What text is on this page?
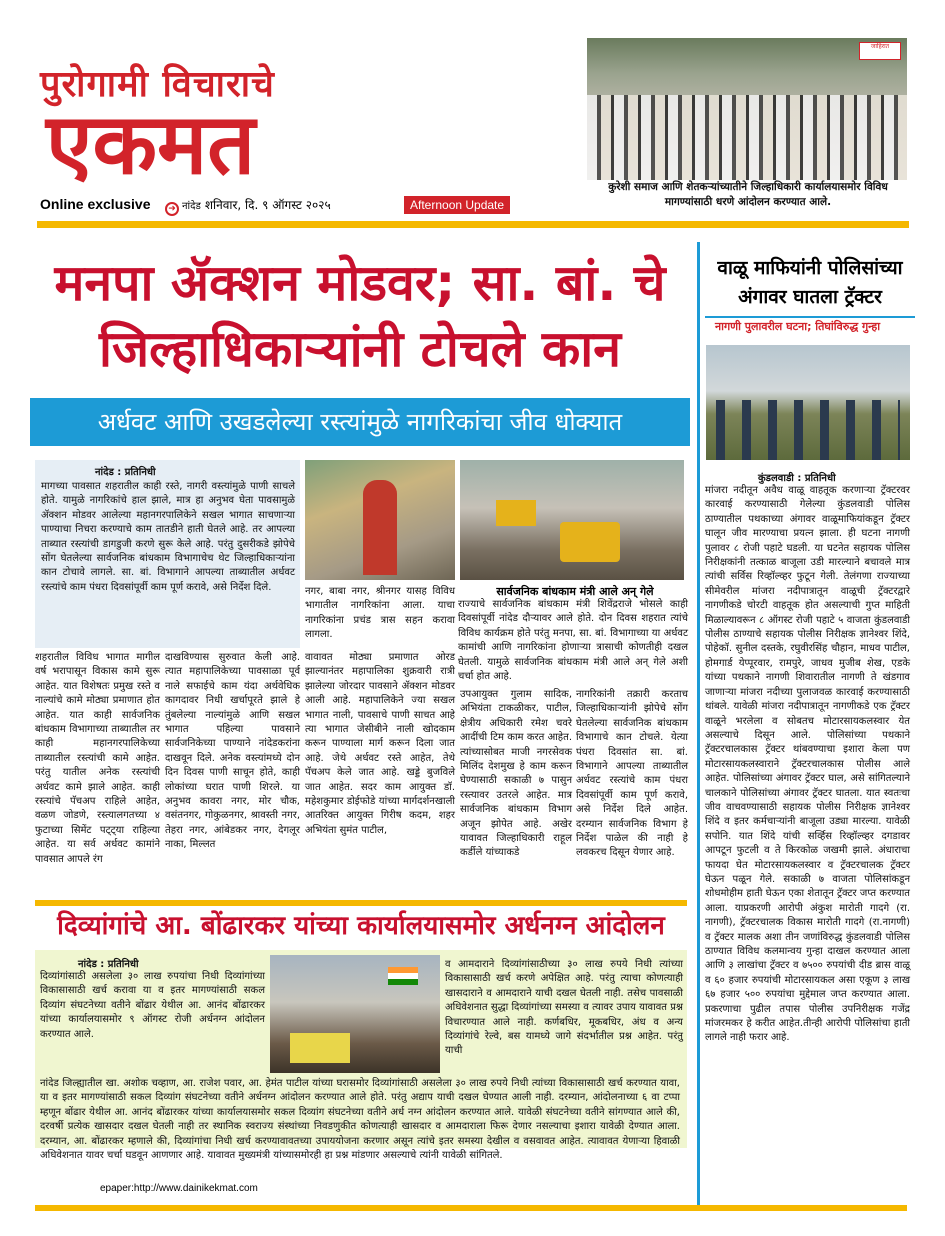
पुरोगामी विचाराचे
एकमत
Online exclusive	➜ नांदेड शनिवार, दि. ९ ऑगस्ट २०२५	Afternoon Update
जाहिरात
कुरेशी समाज आणि शेतकऱ्यांच्यातीने जिल्हाधिकारी कार्यालयासमोर विविध मागण्यांसाठी धरणे आंदोलन करण्यात आले.
मनपा ॲक्शन मोडवर; सा. बां. चे जिल्हाधिकाऱ्यांनी टोचले कान
अर्धवट आणि उखडलेल्या रस्त्यांमुळे नागरिकांचा जीव धोक्यात
नांदेड : प्रतिनिधी
मागच्या पावसात शहरातील काही रस्ते, नागरी वस्त्यांमुळे पाणी साचले होते. यामुळे नागरिकांचे हाल झाले, मात्र हा अनुभव घेता पावसामुळे ॲक्शन मोडवर आलेल्या महानगरपालिकेने सखल भागात साचणाऱ्या पाण्याचा निचरा करण्याचे काम तातडीने हाती घेतले आहे. तर आपल्या ताब्यात रस्त्यांची डागडुजी करणे सुरू केले आहे. परंतु दुसरीकडे झोपेचे सोंग घेतलेल्या सार्वजनिक बांधकाम विभागाचेच थेट जिल्हाधिकाऱ्यांना कान टोचावे लागले. सा. बां. विभागाने आपल्या ताब्यातील अर्धवट रस्त्यांचे काम पंधरा दिवसांपूर्वी काम पूर्ण करावे, असे निर्देश दिले.	सार्वजनिक बांधकाम मंत्री आले अन् गेले
राज्याचे सार्वजनिक बांधकाम मंत्री शिवेंद्रराजे भोसले काही दिवसांपूर्वी नांदेड दौऱ्यावर आले होते. दोन दिवस शहरात त्यांचे विविध कार्यक्रम होते परंतु मनपा, सा. बां. विभागाच्या या अर्धवट कामांची आणि नागरिकांना होणाऱ्या त्रासाची कोणतीही दखल घेतली. यामुळे सार्वजनिक बांधकाम मंत्री आले अन् गेले अशी चर्चा होत आहे.
नगर, बाबा नगर, श्रीनगर यासह विविध भागातील नागरिकांना आला. याचा नागरिकांना प्रचंड त्रास सहन करावा लागला.
शहरातील विविध भागात मागील वर्ष भरापासून विकास कामे सुरू आहेत. यात विशेषतः प्रमुख रस्ते व नाल्यांचे कामे मोठ्या प्रमाणात होत आहेत. यात काही सार्वजनिक बांधकाम विभागाच्या ताब्यातील तर काही महानगरपालिकेच्या ताब्यातील रस्त्यांची कामे आहेत. परंतु यातील अनेक रस्त्यांची अर्धवट कामे झाले आहेत. काही रस्त्यांचे पॅचअप राहिले आहेत, वळण जोडणे, रस्त्यालगतच्या ४ फुटाच्या सिमेंट पट्ट्या राहिल्या आहेत. या सर्व अर्धवट कामांने पावसात आपले रंग
दाखविण्यास सुरुवात केली आहे. त्यात महापालिकेच्या पावसाळा पूर्व नाले सफाईचे काम यंदा अर्थवेधिक कागदावर निधी खर्चापूरते झाले हे तुंबलेल्या नाल्यांमुळे आणि सखल भागात पहिल्या पावसाने सार्वजनिकेच्या पाण्याने नांदेडकरांना दाखवून दिले. अनेक वस्त्यांमध्ये दोन दिन दिवस पाणी साचून होते, काही लोकांच्या घरात पाणी शिरले. या अनुभव कावरा नगर, मोर चौक, वसंतनगर, गोकुळनगर, श्रावस्ती नगर, तेहरा नगर, आंबेडकर नगर, देगलूर नाका, मिल्लत
वावावत मोठ्या प्रमाणात ओरड झाल्यानंतर महापालिका शुक्रवारी रात्री झालेल्या जोरदार पावसाने ॲक्शन मोडवर आली आहे. महापालिकेने ज्या सखल भागात नाली, पावसाचे पाणी साचत आहे त्या भागात जेसीबीने नाली खोदकाम करून पाण्याला मार्ग करून दिला जात आहे. जेथे अर्धवट रस्ते आहेत, तेथे पॅचअप केले जात आहे. खड्डे बुजविले जात आहेत. सदर काम आयुक्त डॉ. महेशकुमार डोईफोडे यांच्या मार्गदर्शनखाली आतरिक्त आयुक्त गिरीष कदम, शहर अभियंता सुमंत पाटील,
उपआयुक्त गुलाम सादिक, अभियंता टाकळीकर, पाटील, क्षेत्रीय अधिकारी रमेश चवरे आदींची टिम काम करत आहेत. त्यांच्यासोबत माजी नगरसेवक मिलिंद देशमुख हे काम करून घेण्यासाठी सकाळी ७ पासुन रस्त्यावर उतरले आहेत. मात्र सार्वजनिक बांधकाम विभाग अजून झोपेत आहे. अखेर यावावत जिल्हाधिकारी राहूल कर्डीले यांच्याकडे
नागरिकांनी तक्रारी करताच जिल्हाधिकाऱ्यांनी झोपेचे सोंग घेतलेल्या सार्वजनिक बांधकाम विभागाचे कान टोचले. येत्या पंधरा दिवसांत सा. बां. विभागाने आपल्या ताब्यातील अर्धवट रस्त्यांचे काम पंधरा दिवसांपूर्वी काम पूर्ण करावे, असे निर्देश दिले आहेत. दरम्यान सार्वजनिक विभाग हे निर्देश पाळेल की नाही हे लवकरच दिसून येणार आहे.
वाळू माफियांनी पोलिसांच्या अंगावर घातला ट्रॅक्टर
नागणी पुलावरील घटना; तिघांविरुद्ध गुन्हा
कुंडलवाडी : प्रतिनिधी
मांजरा नदीतून अवैध वाळू वाहतूक करणाऱ्या ट्रॅक्टरवर कारवाई करण्यासाठी गेलेल्या कुंडलवाडी पोलिस ठाण्यातील पथकाच्या अंगावर वाळूमाफियांकडून ट्रॅक्टर घालून जीव मारण्याचा प्रयत्न झाला. ही घटना नागणी पुलावर ८ रोजी पहाटे घडली. या घटनेत सहायक पोलिस निरीक्षकांनी तत्काळ बाजूला उडी मारल्याने बचावले मात्र त्यांची सर्विस रिव्हॉल्व्हर फुटून गेली. तेलंगणा राज्याच्या सीमेवरील मांजरा नदीपात्रातून वाळूची ट्रॅक्टरद्वारे नागणीकडे चोरटी वाहतूक होत असल्याची गुप्त माहिती मिळाल्यावरून ८ ऑगस्ट रोजी पहाटे ५ वाजता कुंडलवाडी पोलीस ठाण्याचे सहायक पोलीस निरीक्षक ज्ञानेश्वर शिंदे, पोहेकॉ. सुनील दस्तके, रघुवीरसिंह चौहान, माधव पाटील, होमगार्ड येप्पूरवार, रामपुरे, जाधव मुजीब शेख, एडके यांच्या पथकाने नागणी शिवारातील नागणी ते खंडगाव जाणाऱ्या मांजरा नदीच्या पुलाजवळ कारवाई करण्यासाठी थांबले. यावेळी मांजरा नदीपात्रातून नागणीकडे एक ट्रॅक्टर वाळूने भरलेला व सोबतच मोटारसायकलस्वार येत असल्याचे दिसून आले. पोलिसांच्या पथकाने ट्रॅक्टरचालकास ट्रॅक्टर थांबवण्याचा इशारा केला पण मोटारसायकलस्वाराने ट्रॅक्टरचालकास पोलीस आले आहेत. पोलिसांच्या अंगावर ट्रॅक्टर घाल, असे सांगितल्याने चालकाने पोलिसांच्या अंगावर ट्रॅक्टर घातला. यात स्वतःचा जीव वाचवण्यासाठी सहायक पोलीस निरीक्षक ज्ञानेश्वर शिंदे व इतर कर्मचाऱ्यांनी बाजूला उड्या मारल्या. यावेळी सपोनि. यात शिंदे यांची सर्व्हिस रिव्हॉल्व्हर दगडावर आपटून फुटली व ते किरकोळ जखमी झाले. अंधाराचा फायदा घेत मोटारसायकलस्वार व ट्रॅक्टरचालक ट्रॅक्टर घेऊन पळून गेले. सकाळी ७ वाजता पोलिसांकडून शोधमोहीम हाती घेऊन एका शेतातून ट्रॅक्टर जप्त करण्यात आला. याप्रकरणी आरोपी अंकुश मारोती गादगे (रा. नागणी), ट्रॅक्टरचालक विकास मारोती गादगे (रा.नागणी) व ट्रॅक्टर मालक अशा तीन जणांविरुद्ध कुंडलवाडी पोलिस ठाण्यात विविध कलमान्वय गुन्हा दाखल करण्यात आला आणि ३ लाखांचा ट्रॅक्टर व ७५०० रुपयांची दीड ब्रास वाळू व ६० हजार रुपयांची मोटारसायकल असा एकूण ३ लाख ६७ हजार ५०० रुपयांचा मुद्देमाल जप्त करण्यात आला. प्रकरणाचा पुढील तपास पोलीस उपनिरीक्षक गजेंद्र मांजरमकर हे करीत आहेत.तीन्ही आरोपी पोलिसांचा हाती लागले नाही फरार आहे.
दिव्यांगांचे आ. बोंढारकर यांच्या कार्यालयासमोर अर्धनग्न आंदोलन
नांदेड : प्रतिनिधी
दिव्यांगांसाठी असलेला ३० लाख रुपयांचा निधी दिव्यांगांच्या विकासासाठी खर्च करावा या व इतर मागण्यांसाठी सकल दिव्यांग संघटनेच्या वतीने बोंढार येथील आ. आनंद बोंढारकर यांच्या कार्यालयासमोर ९ ऑगस्ट रोजी अर्धनग्न आंदोलन करण्यात आले.
व आमदाराने दिव्यांगांसाठीच्या ३० लाख रुपये निधी त्यांच्या विकासासाठी खर्च करणे अपेक्षित आहे. परंतु त्याचा कोणत्याही खासदाराने व आमदाराने याची दखल घेतली नाही. तसेच पावसाळी अधिवेशनात सुद्धा दिव्यांगांच्या समस्या व त्यावर उपाय यावावत प्रश्न विचारण्यात आले नाही. कर्णबधिर, मूकबधिर, अंध व अन्य दिव्यांगांचे रेल्वे, बस यामध्ये जागे संदर्भातील प्रश्न आहेत. परंतु याची
नांदेड जिल्ह्यातील खा. अशोक चव्हाण, आ. राजेश पवार, आ. हेमंत पाटील यांच्या घरासमोर दिव्यांगांसाठी असलेला ३० लाख रुपये निधी त्यांच्या विकासासाठी खर्च करण्यात यावा, या व इतर मागण्यांसाठी सकल दिव्यांग संघटनेच्या वतीने अर्धनग्न आंदोलन करण्यात आले होते. परंतु अद्याप याची दखल घेण्यात आली नाही. दरम्यान, आंदोलनाच्या ६ वा टप्पा म्हणून बोंढार येथील आ. आनंद बोंढारकर यांच्या कार्यालयासमोर सकल दिव्यांग संघटनेच्या वतीने अर्ध नग्न आंदोलन करण्यात आले. यावेळी संघटनेच्या वतीने सांगण्यात आले की, दरवर्षी प्रत्येक खासदार दखल घेतली नाही तर स्थानिक स्वराज्य संस्थांच्या निवडणुकीत कोणत्याही खासदार व आमदाराला फिरू देणार नसल्याचा इशारा यावेळी देण्यात आला. दरम्यान, आ. बोंढारकर म्हणाले की, दिव्यांगांचा निधी खर्च करण्यावावतच्या उपाययोजना करणार असून त्यांचे इतर समस्या देखील व वसवावत आहेत. त्यावावत येणाऱ्या हिवाळी अधिवेशनात यावर चर्चा घडवून आणणार आहे. यावावत मुख्यमंत्री यांच्यासमोरही हा प्रश्न मांडणार असल्याचे त्यांनी यावेळी सांगितले.
epaper:http://www.dainikekmat.com
